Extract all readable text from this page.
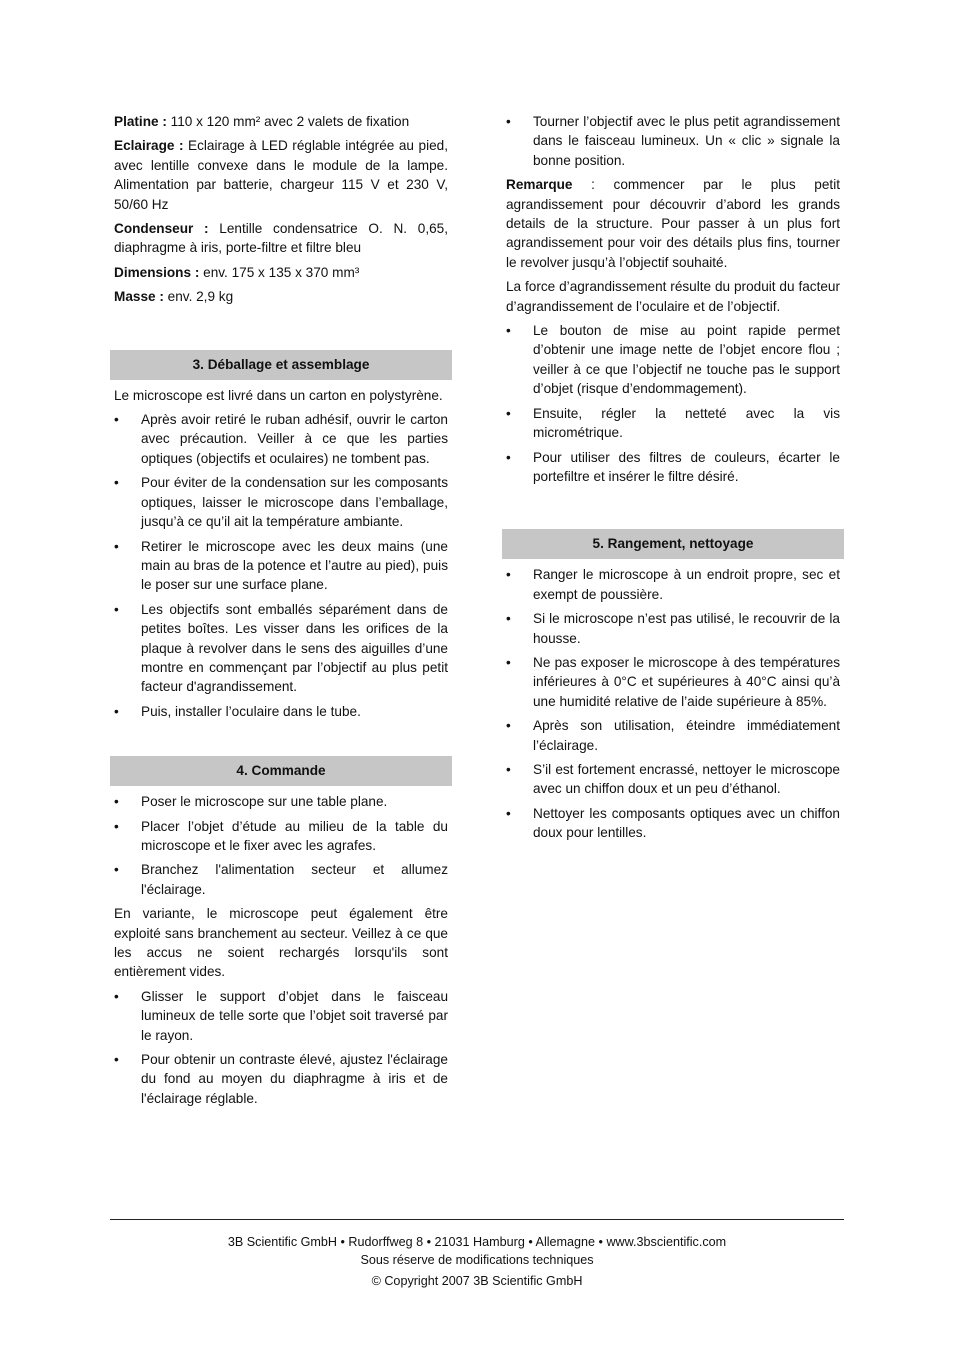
Platine : 110 x 120 mm² avec 2 valets de fixation

Eclairage : Eclairage à LED réglable intégrée au pied, avec lentille convexe dans le module de la lampe. Alimentation par batterie, chargeur 115 V et 230 V, 50/60 Hz

Condenseur : Lentille condensatrice O. N. 0,65, diaphragme à iris, porte-filtre et filtre bleu

Dimensions : env. 175 x 135 x 370 mm³

Masse : env. 2,9 kg

3. Déballage et assemblage

Le microscope est livré dans un carton en polystyrène.

• Après avoir retiré le ruban adhésif, ouvrir le carton avec précaution. Veiller à ce que les parties optiques (objectifs et oculaires) ne tombent pas.
• Pour éviter de la condensation sur les composants optiques, laisser le microscope dans l’emballage, jusqu’à ce qu’il ait la température ambiante.
• Retirer le microscope avec les deux mains (une main au bras de la potence et l’autre au pied), puis le poser sur une surface plane.
• Les objectifs sont emballés séparément dans de petites boîtes. Les visser dans les orifices de la plaque à revolver dans le sens des aiguilles d’une montre en commençant par l’objectif au plus petit facteur d'agrandissement.
• Puis, installer l’oculaire dans le tube.
4. Commande
• Poser le microscope sur une table plane.
• Placer l’objet d’étude au milieu de la table du microscope et le fixer avec les agrafes.
• Branchez l'alimentation secteur et allumez l'éclairage.

En variante, le microscope peut également être exploité sans branchement au secteur. Veillez à ce que les accus ne soient rechargés lorsqu'ils sont entièrement vides.

• Glisser le support d’objet dans le faisceau lumineux de telle sorte que l’objet soit traversé par le rayon.
• Pour obtenir un contraste élevé, ajustez l'éclairage du fond au moyen du diaphragme à iris et de l'éclairage réglable.
• Tourner l’objectif avec le plus petit agrandissement dans le faisceau lumineux. Un « clic » signale la bonne position.

Remarque : commencer par le plus petit agrandissement pour découvrir d’abord les grands details de la structure. Pour passer à un plus fort agrandissement pour voir des détails plus fins, tourner le revolver jusqu’à l’objectif souhaité.

La force d’agrandissement résulte du produit du facteur d’agrandissement de l’oculaire et de l’objectif.

• Le bouton de mise au point rapide permet d’obtenir une image nette de l’objet encore flou ; veiller à ce que l’objectif ne touche pas le support d’objet (risque d’endommagement).
• Ensuite, régler la netteté avec la vis micrométrique.
• Pour utiliser des filtres de couleurs, écarter le portefiltre et insérer le filtre désiré.
5. Rangement, nettoyage
• Ranger le microscope à un endroit propre, sec et exempt de poussière.
• Si le microscope n’est pas utilisé, le recouvrir de la housse.
• Ne pas exposer le microscope à des températures inférieures à 0°C et supérieures à 40°C ainsi qu’à une humidité relative de l’aide supérieure à 85%.
• Après son utilisation, éteindre immédiatement l’éclairage.
• S’il est fortement encrassé, nettoyer le microscope avec un chiffon doux et un peu d’éthanol.
• Nettoyer les composants optiques avec un chiffon doux pour lentilles.
3B Scientific GmbH • Rudorffweg 8 • 21031 Hamburg • Allemagne • www.3bscientific.com
Sous réserve de modifications techniques
© Copyright 2007 3B Scientific GmbH
